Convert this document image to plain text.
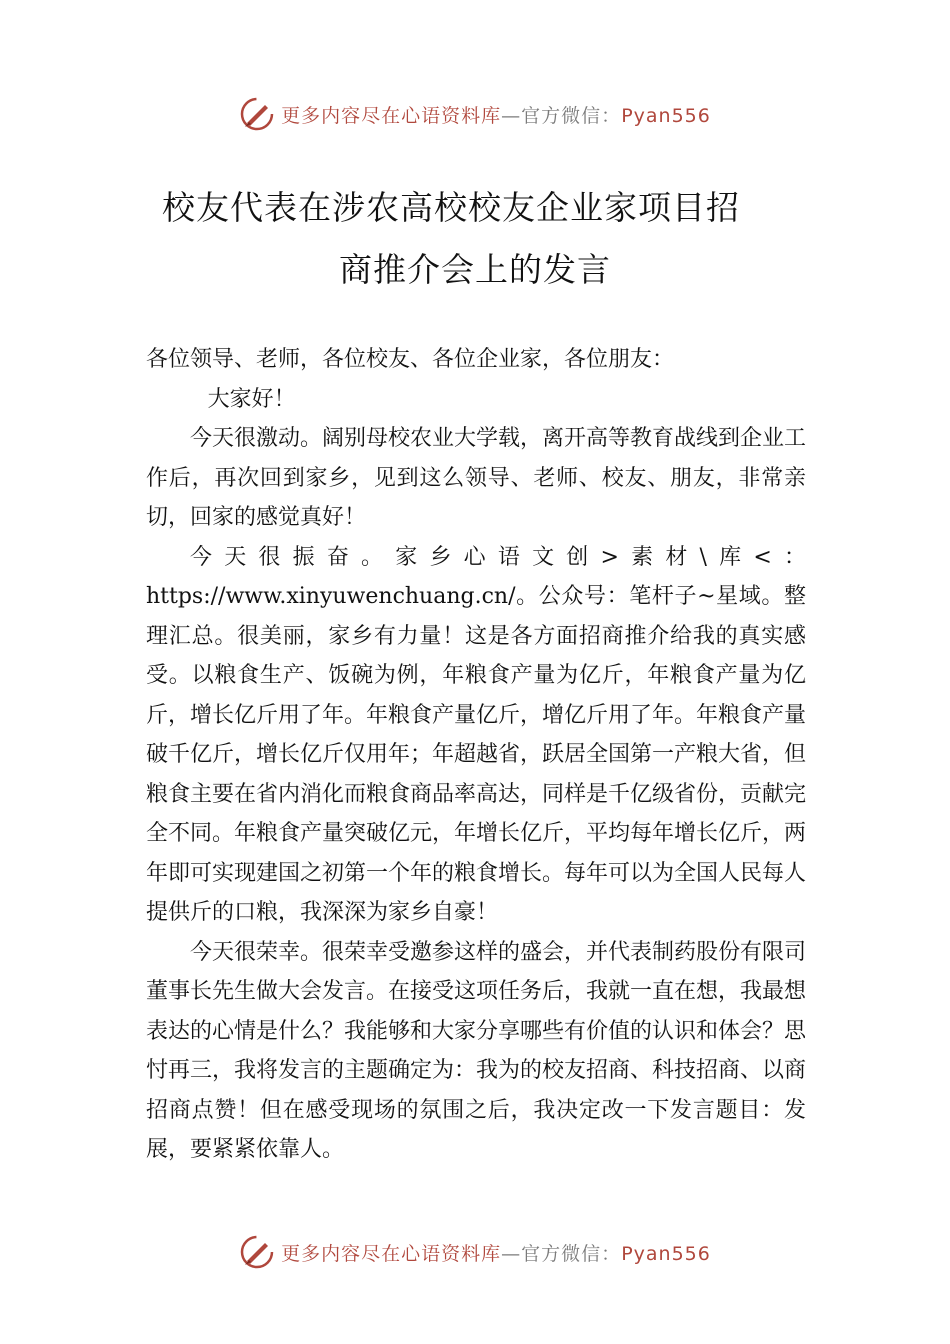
更多内容尽在心语资料库—官方微信：Pyan556
校友代表在涉农高校校友企业家项目招
商推介会上的发言

各位领导、老师，各位校友、各位企业家，各位朋友：

大家好！

今天很激动。阔别母校农业大学载，离开高等教育战线到企业工作后，再次回到家乡，见到这么领导、老师、校友、朋友，非常亲切，回家的感觉真好！

今天很振奋。家乡心语文创>素材\库<：https://www.xinyuwenchuang.cn/。公众号：笔杆子~星域。整理汇总。很美丽，家乡有力量！这是各方面招商推介给我的真实感受。以粮食生产、饭碗为例，年粮食产量为亿斤，年粮食产量为亿斤，增长亿斤用了年。年粮食产量亿斤，增亿斤用了年。年粮食产量破千亿斤，增长亿斤仅用年；年超越省，跃居全国第一产粮大省，但粮食主要在省内消化而粮食商品率高达，同样是千亿级省份，贡献完全不同。年粮食产量突破亿元，年增长亿斤，平均每年增长亿斤，两年即可实现建国之初第一个年的粮食增长。每年可以为全国人民每人提供斤的口粮，我深深为家乡自豪！

今天很荣幸。很荣幸受邀参这样的盛会，并代表制药股份有限司董事长先生做大会发言。在接受这项任务后，我就一直在想，我最想表达的心情是什么？我能够和大家分享哪些有价值的认识和体会？思忖再三，我将发言的主题确定为：我为的校友招商、科技招商、以商招商点赞！但在感受现场的氛围之后，我决定改一下发言题目：发展，要紧紧依靠人。

更多内容尽在心语资料库—官方微信：Pyan556
